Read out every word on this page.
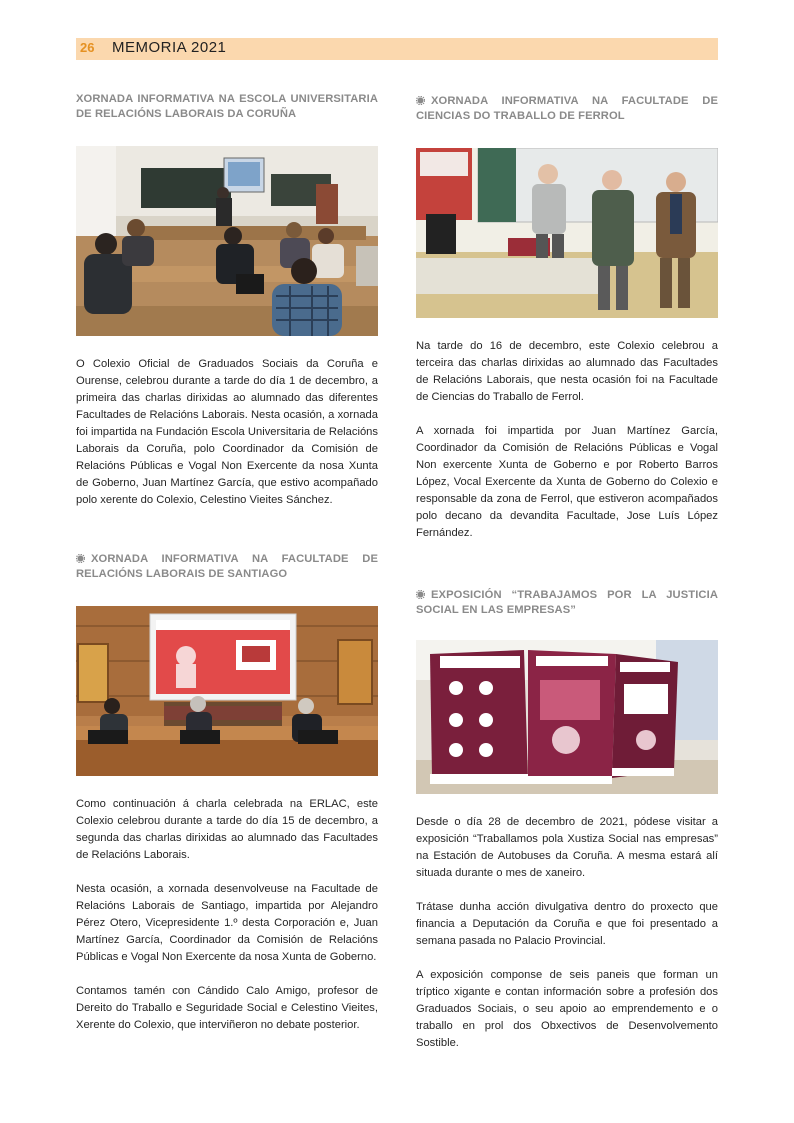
26 MEMORIA 2021
XORNADA INFORMATIVA NA ESCOLA UNIVERSITARIA DE RELACIÓNS LABORAIS DA CORUÑA

O Colexio Oficial de Graduados Sociais da Coruña e Ourense, celebrou durante a tarde do día 1 de decembro, a primeira das charlas dirixidas ao alumnado das diferentes Facultades de Relacións Laborais. Nesta ocasión, a xornada foi impartida na Fundación Escola Universitaria de Relacións Laborais da Coruña, polo Coordinador da Comisión de Relacións Públicas e Vogal Non Exercente da nosa Xunta de Goberno, Juan Martínez García, que estivo acompañado polo xerente do Colexio, Celestino Vieites Sánchez.

XORNADA INFORMATIVA NA FACULTADE DE RELACIÓNS LABORAIS DE SANTIAGO

Como continuación á charla celebrada na ERLAC, este Colexio celebrou durante a tarde do día 15 de decembro, a segunda das charlas dirixidas ao alumnado das Facultades de Relacións Laborais.

Nesta ocasión, a xornada desenvolveuse na Facultade de Relacións Laborais de Santiago, impartida por Alejandro Pérez Otero, Vicepresidente 1.º desta Corporación e, Juan Martínez García, Coordinador da Comisión de Relacións Públicas e Vogal Non Exercente da nosa Xunta de Goberno.

Contamos tamén con Cándido Calo Amigo, profesor de Dereito do Traballo e Seguridade Social e Celestino Vieites, Xerente do Colexio, que interviñeron no debate posterior.

XORNADA INFORMATIVA NA FACULTADE DE CIENCIAS DO TRABALLO DE FERROL

Na tarde do 16 de decembro, este Colexio celebrou a terceira das charlas dirixidas ao alumnado das Facultades de Relacións Laborais, que nesta ocasión foi na Facultade de Ciencias do Traballo de Ferrol.

A xornada foi impartida por Juan Martínez García, Coordinador da Comisión de Relacións Públicas e Vogal Non exercente Xunta de Goberno e por Roberto Barros López, Vocal Exercente da Xunta de Goberno do Colexio e responsable da zona de Ferrol, que estiveron acompañados polo decano da devandita Facultade, Jose Luís López Fernández.

EXPOSICIÓN “TRABAJAMOS POR LA JUSTICIA SOCIAL EN LAS EMPRESAS”

Desde o día 28 de decembro de 2021, pódese visitar a exposición “Traballamos pola Xustiza Social nas empresas” na Estación de Autobuses da Coruña. A mesma estará alí situada durante o mes de xaneiro.

Trátase dunha acción divulgativa dentro do proxecto que financia a Deputación da Coruña e que foi presentado a semana pasada no Palacio Provincial.

A exposición componse de seis paneis que forman un tríptico xigante e contan información sobre a profesión dos Graduados Sociais, o seu apoio ao emprendemento e o traballo en prol dos Obxectivos de Desenvolvemento Sostible.
